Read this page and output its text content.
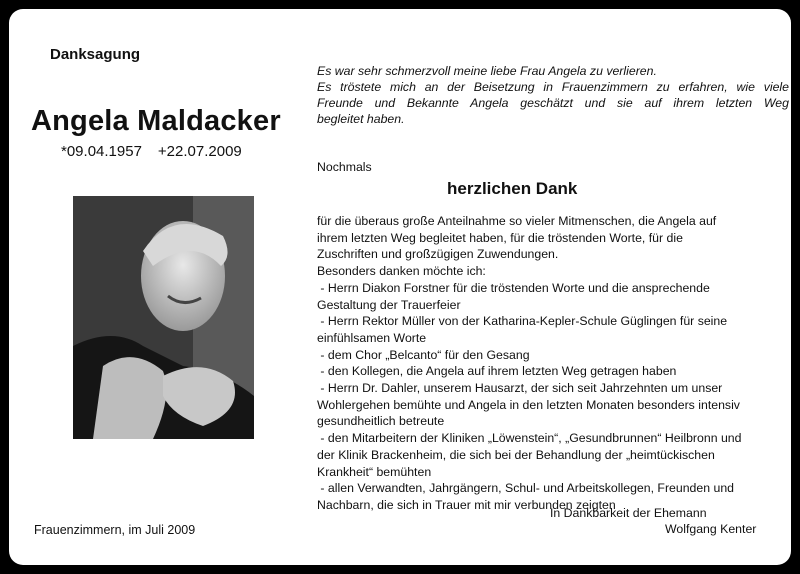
Danksagung
Angela Maldacker
*09.04.1957 +22.07.2009
Frauenzimmern, im Juli 2009
Es war sehr schmerzvoll meine liebe Frau Angela zu verlieren.
Es tröstete mich an der Beisetzung in Frauenzimmern zu erfahren, wie viele
Freunde und Bekannte Angela geschätzt und sie auf ihrem letzten Weg
begleitet haben.
Nochmals
herzlichen Dank
für die überaus große Anteilnahme so vieler Mitmenschen, die Angela auf
ihrem letzten Weg begleitet haben, für die tröstenden Worte, für die
Zuschriften und großzügigen Zuwendungen.
Besonders danken möchte ich:
- Herrn Diakon Forstner für die tröstenden Worte und die ansprechende
Gestaltung der Trauerfeier
- Herrn Rektor Müller von der Katharina-Kepler-Schule Güglingen für seine
einfühlsamen Worte
- dem Chor „Belcanto“ für den Gesang
- den Kollegen, die Angela auf ihrem letzten Weg getragen haben
- Herrn Dr. Dahler, unserem Hausarzt, der sich seit Jahrzehnten um unser
Wohlergehen bemühte und Angela in den letzten Monaten besonders intensiv
gesundheitlich betreute
- den Mitarbeitern der Kliniken „Löwenstein“, „Gesundbrunnen“ Heilbronn und
der Klinik Brackenheim, die sich bei der Behandlung der „heimtückischen
Krankheit“ bemühten
- allen Verwandten, Jahrgängern, Schul- und Arbeitskollegen, Freunden und
Nachbarn, die sich in Trauer mit mir verbunden zeigten
In Dankbarkeit der Ehemann
Wolfgang Kenter
